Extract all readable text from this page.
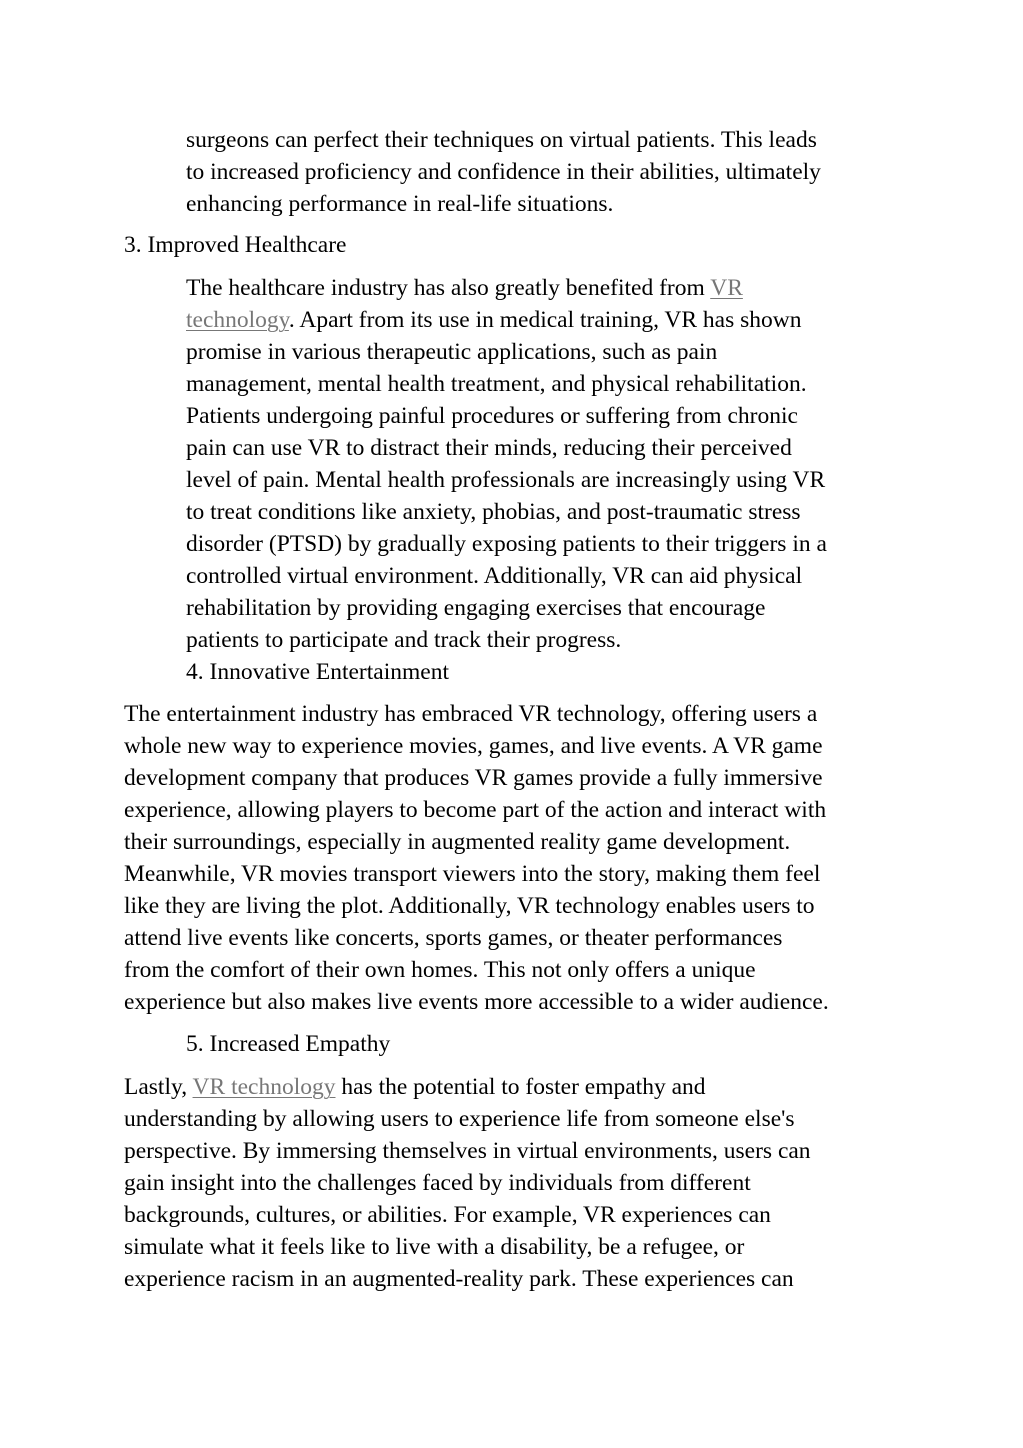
surgeons can perfect their techniques on virtual patients. This leads
to increased proficiency and confidence in their abilities, ultimately
enhancing performance in real-life situations.
3. Improved Healthcare
The healthcare industry has also greatly benefited from VR
technology. Apart from its use in medical training, VR has shown
promise in various therapeutic applications, such as pain
management, mental health treatment, and physical rehabilitation.
Patients undergoing painful procedures or suffering from chronic
pain can use VR to distract their minds, reducing their perceived
level of pain. Mental health professionals are increasingly using VR
to treat conditions like anxiety, phobias, and post-traumatic stress
disorder (PTSD) by gradually exposing patients to their triggers in a
controlled virtual environment. Additionally, VR can aid physical
rehabilitation by providing engaging exercises that encourage
patients to participate and track their progress.
4. Innovative Entertainment
The entertainment industry has embraced VR technology, offering users a
whole new way to experience movies, games, and live events. A VR game
development company that produces VR games provide a fully immersive
experience, allowing players to become part of the action and interact with
their surroundings, especially in augmented reality game development.
Meanwhile, VR movies transport viewers into the story, making them feel
like they are living the plot. Additionally, VR technology enables users to
attend live events like concerts, sports games, or theater performances
from the comfort of their own homes. This not only offers a unique
experience but also makes live events more accessible to a wider audience.
5. Increased Empathy
Lastly, VR technology has the potential to foster empathy and
understanding by allowing users to experience life from someone else's
perspective. By immersing themselves in virtual environments, users can
gain insight into the challenges faced by individuals from different
backgrounds, cultures, or abilities. For example, VR experiences can
simulate what it feels like to live with a disability, be a refugee, or
experience racism in an augmented-reality park. These experiences can
